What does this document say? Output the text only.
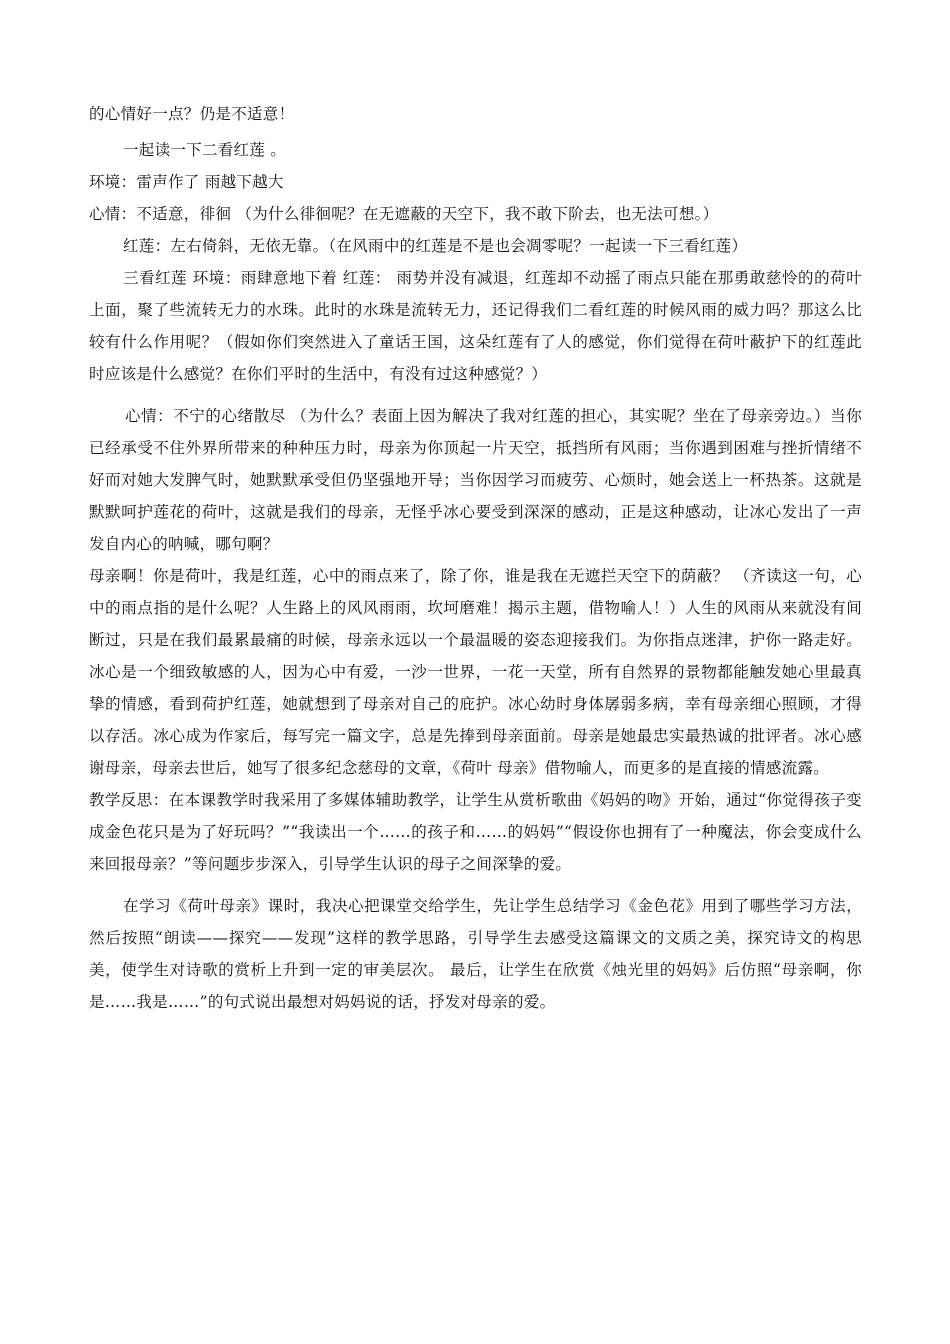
的心情好一点？仍是不适意！

一起读一下二看红莲 。

环境：雷声作了 雨越下越大

心情：不适意，徘徊 （为什么徘徊呢？在无遮蔽的天空下，我不敢下阶去，也无法可想。）

红莲：左右倚斜，无依无靠。（在风雨中的红莲是不是也会凋零呢？一起读一下三看红莲）

三看红莲 环境：雨肆意地下着 红莲： 雨势并没有减退，红莲却不动摇了雨点只能在那勇敢慈怜的的荷叶上面，聚了些流转无力的水珠。此时的水珠是流转无力，还记得我们二看红莲的时候风雨的威力吗？那这么比较有什么作用呢？（假如你们突然进入了童话王国，这朵红莲有了人的感觉，你们觉得在荷叶蔽护下的红莲此时应该是什么感觉？在你们平时的生活中，有没有过这种感觉？）

心情：不宁的心绪散尽 （为什么？表面上因为解决了我对红莲的担心，其实呢？坐在了母亲旁边。）当你已经承受不住外界所带来的种种压力时，母亲为你顶起一片天空，抵挡所有风雨；当你遇到困难与挫折情绪不好而对她大发脾气时，她默默承受但仍坚强地开导；当你因学习而疲劳、心烦时，她会送上一杯热茶。这就是默默呵护莲花的荷叶，这就是我们的母亲，无怪乎冰心要受到深深的感动，正是这种感动，让冰心发出了一声发自内心的呐喊，哪句啊？

母亲啊！你是荷叶，我是红莲，心中的雨点来了，除了你，谁是我在无遮拦天空下的荫蔽？ （齐读这一句，心中的雨点指的是什么呢？人生路上的风风雨雨，坎坷磨难！揭示主题，借物喻人！）人生的风雨从来就没有间断过，只是在我们最累最痛的时候，母亲永远以一个最温暖的姿态迎接我们。为你指点迷津，护你一路走好。冰心是一个细致敏感的人，因为心中有爱，一沙一世界，一花一天堂，所有自然界的景物都能触发她心里最真挚的情感，看到荷护红莲，她就想到了母亲对自己的庇护。冰心幼时身体孱弱多病，幸有母亲细心照顾，才得以存活。冰心成为作家后，每写完一篇文字，总是先捧到母亲面前。母亲是她最忠实最热诚的批评者。冰心感谢母亲，母亲去世后，她写了很多纪念慈母的文章，《荷叶 母亲》借物喻人，而更多的是直接的情感流露。

教学反思：在本课教学时我采用了多媒体辅助教学，让学生从赏析歌曲《妈妈的吻》开始，通过“你觉得孩子变成金色花只是为了好玩吗？”“我读出一个……的孩子和……的妈妈”“假设你也拥有了一种魔法，你会变成什么来回报母亲？”等问题步步深入，引导学生认识的母子之间深挚的爱。

在学习《荷叶母亲》课时，我决心把课堂交给学生，先让学生总结学习《金色花》用到了哪些学习方法，然后按照“朗读——探究——发现”这样的教学思路，引导学生去感受这篇课文的文质之美，探究诗文的构思美，使学生对诗歌的赏析上升到一定的审美层次。 最后，让学生在欣赏《烛光里的妈妈》后仿照“母亲啊，你是……我是……”的句式说出最想对妈妈说的话，抒发对母亲的爱。
